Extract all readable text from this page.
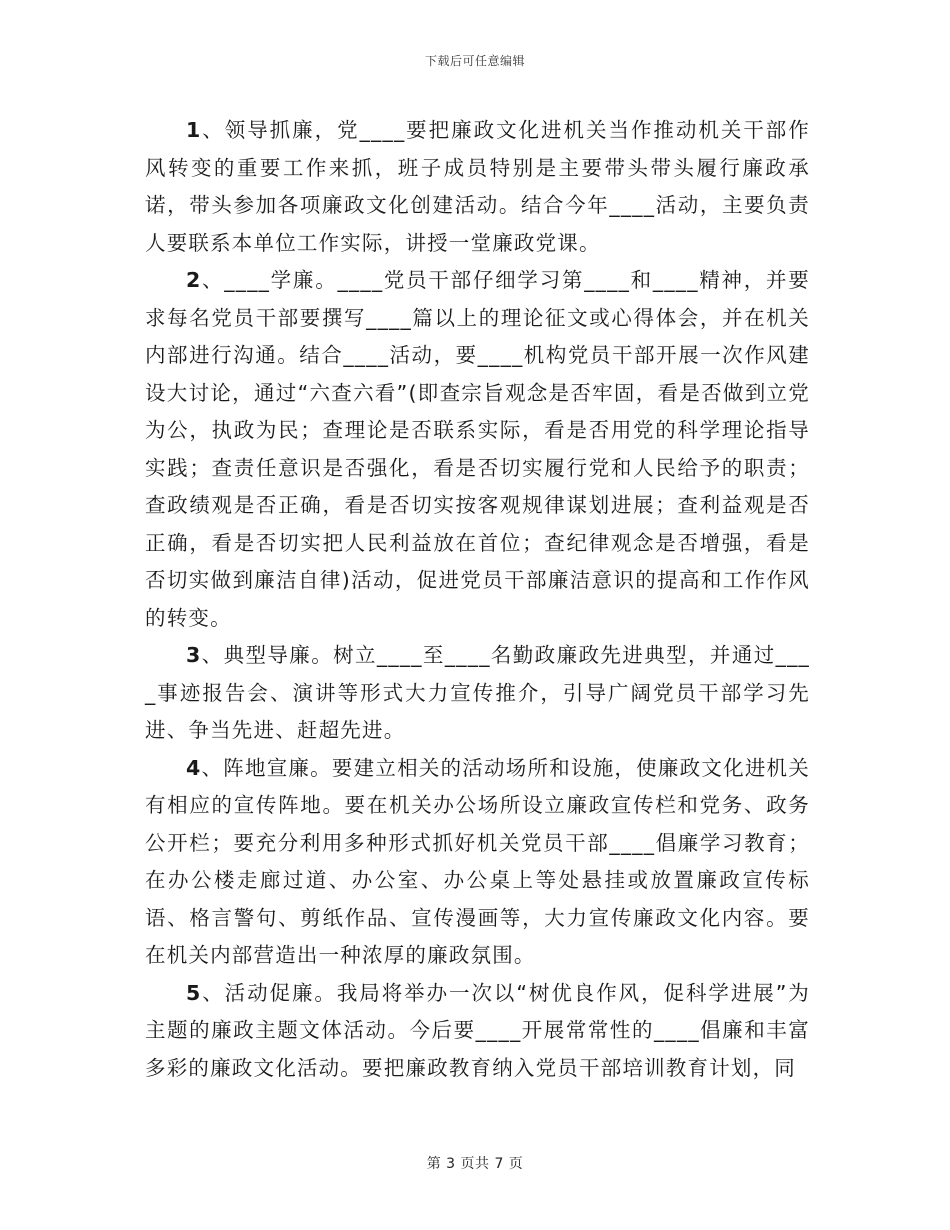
下载后可任意编辑

1、领导抓廉，党____要把廉政文化进机关当作推动机关干部作风转变的重要工作来抓，班子成员特别是主要带头带头履行廉政承诺，带头参加各项廉政文化创建活动。结合今年____活动，主要负责人要联系本单位工作实际，讲授一堂廉政党课。

2、____学廉。____党员干部仔细学习第____和____精神，并要求每名党员干部要撰写____篇以上的理论征文或心得体会，并在机关内部进行沟通。结合____活动，要____机构党员干部开展一次作风建设大讨论，通过“六查六看”(即查宗旨观念是否牢固，看是否做到立党为公，执政为民；查理论是否联系实际，看是否用党的科学理论指导实践；查责任意识是否强化，看是否切实履行党和人民给予的职责；查政绩观是否正确，看是否切实按客观规律谋划进展；查利益观是否正确，看是否切实把人民利益放在首位；查纪律观念是否增强，看是否切实做到廉洁自律)活动，促进党员干部廉洁意识的提高和工作作风的转变。

3、典型导廉。树立____至____名勤政廉政先进典型，并通过____事迹报告会、演讲等形式大力宣传推介，引导广阔党员干部学习先进、争当先进、赶超先进。

4、阵地宣廉。要建立相关的活动场所和设施，使廉政文化进机关有相应的宣传阵地。要在机关办公场所设立廉政宣传栏和党务、政务公开栏；要充分利用多种形式抓好机关党员干部____倡廉学习教育；在办公楼走廊过道、办公室、办公桌上等处悬挂或放置廉政宣传标语、格言警句、剪纸作品、宣传漫画等，大力宣传廉政文化内容。要在机关内部营造出一种浓厚的廉政氛围。

5、活动促廉。我局将举办一次以“树优良作风，促科学进展”为主题的廉政主题文体活动。今后要____开展常常性的____倡廉和丰富多彩的廉政文化活动。要把廉政教育纳入党员干部培训教育计划，同

第 3 页共 7 页
